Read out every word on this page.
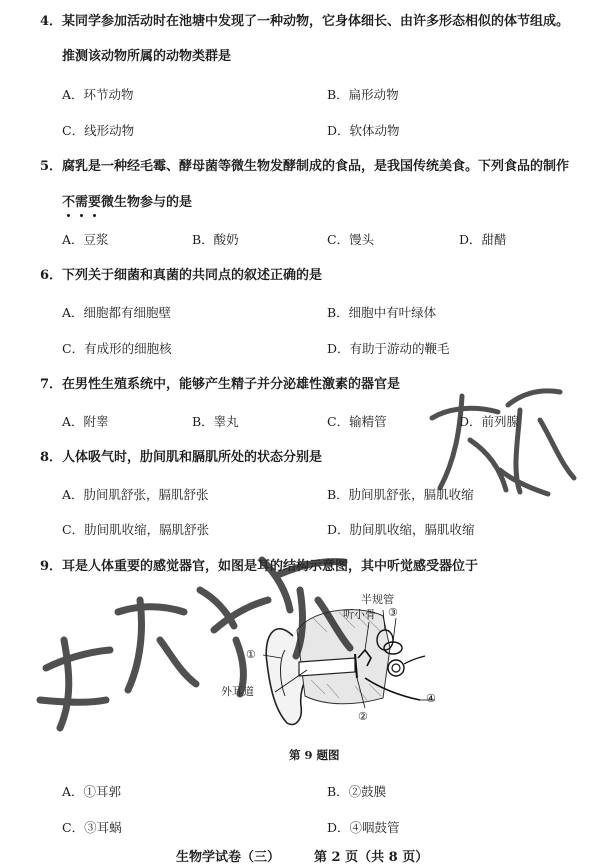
4．某同学参加活动时在池塘中发现了一种动物，它身体细长、由许多形态相似的体节组成。
推测该动物所属的动物类群是
A．环节动物	B．扁形动物
C．线形动物	D．软体动物
5．腐乳是一种经毛霉、酵母菌等微生物发酵制成的食品，是我国传统美食。下列食品的制作
不需要微生物参与的是
A．豆浆	B．酸奶	C．馒头	D．甜醋
6．下列关于细菌和真菌的共同点的叙述正确的是
A．细胞都有细胞壁	B．细胞中有叶绿体
C．有成形的细胞核	D．有助于游动的鞭毛
7．在男性生殖系统中，能够产生精子并分泌雄性激素的器官是
A．附睾	B．睾丸	C．输精管	D．前列腺
8．人体吸气时，肋间肌和膈肌所处的状态分别是
A．肋间肌舒张，膈肌舒张	B．肋间肌舒张，膈肌收缩
C．肋间肌收缩，膈肌舒张	D．肋间肌收缩，膈肌收缩
9．耳是人体重要的感觉器官，如图是耳的结构示意图，其中听觉感受器位于
半规管
听小骨 ③
①
外耳道
④
②
第 9 题图
A．①耳郭	B．②鼓膜
C．③耳蜗	D．④咽鼓管
生物学试卷（三）	第 2 页（共 8 页）
